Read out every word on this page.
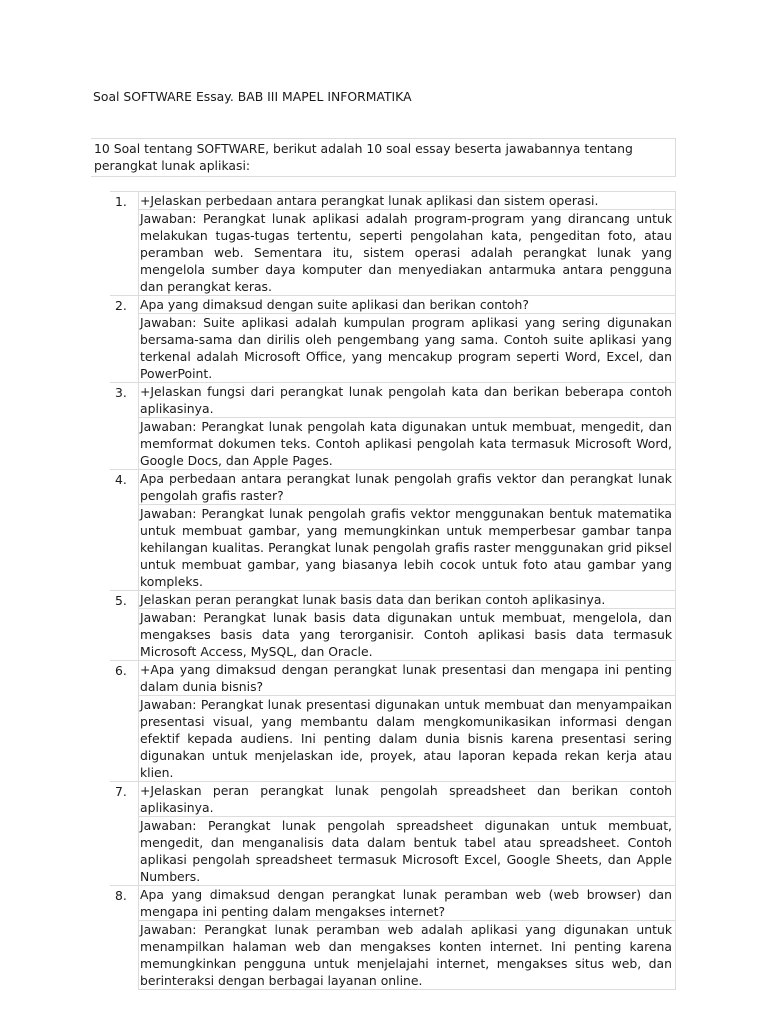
Soal SOFTWARE Essay. BAB III MAPEL INFORMATIKA
10 Soal tentang SOFTWARE, berikut adalah 10 soal essay beserta jawabannya tentang perangkat lunak aplikasi:
1. +Jelaskan perbedaan antara perangkat lunak aplikasi dan sistem operasi.
Jawaban: Perangkat lunak aplikasi adalah program-program yang dirancang untuk melakukan tugas-tugas tertentu, seperti pengolahan kata, pengeditan foto, atau peramban web. Sementara itu, sistem operasi adalah perangkat lunak yang mengelola sumber daya komputer dan menyediakan antarmuka antara pengguna dan perangkat keras.
2. Apa yang dimaksud dengan suite aplikasi dan berikan contoh?
Jawaban: Suite aplikasi adalah kumpulan program aplikasi yang sering digunakan bersama-sama dan dirilis oleh pengembang yang sama. Contoh suite aplikasi yang terkenal adalah Microsoft Office, yang mencakup program seperti Word, Excel, dan PowerPoint.
3. +Jelaskan fungsi dari perangkat lunak pengolah kata dan berikan beberapa contoh aplikasinya.
Jawaban: Perangkat lunak pengolah kata digunakan untuk membuat, mengedit, dan memformat dokumen teks. Contoh aplikasi pengolah kata termasuk Microsoft Word, Google Docs, dan Apple Pages.
4. Apa perbedaan antara perangkat lunak pengolah grafis vektor dan perangkat lunak pengolah grafis raster?
Jawaban: Perangkat lunak pengolah grafis vektor menggunakan bentuk matematika untuk membuat gambar, yang memungkinkan untuk memperbesar gambar tanpa kehilangan kualitas. Perangkat lunak pengolah grafis raster menggunakan grid piksel untuk membuat gambar, yang biasanya lebih cocok untuk foto atau gambar yang kompleks.
5. Jelaskan peran perangkat lunak basis data dan berikan contoh aplikasinya.
Jawaban: Perangkat lunak basis data digunakan untuk membuat, mengelola, dan mengakses basis data yang terorganisir. Contoh aplikasi basis data termasuk Microsoft Access, MySQL, dan Oracle.
6. +Apa yang dimaksud dengan perangkat lunak presentasi dan mengapa ini penting dalam dunia bisnis?
Jawaban: Perangkat lunak presentasi digunakan untuk membuat dan menyampaikan presentasi visual, yang membantu dalam mengkomunikasikan informasi dengan efektif kepada audiens. Ini penting dalam dunia bisnis karena presentasi sering digunakan untuk menjelaskan ide, proyek, atau laporan kepada rekan kerja atau klien.
7. +Jelaskan peran perangkat lunak pengolah spreadsheet dan berikan contoh aplikasinya.
Jawaban: Perangkat lunak pengolah spreadsheet digunakan untuk membuat, mengedit, dan menganalisis data dalam bentuk tabel atau spreadsheet. Contoh aplikasi pengolah spreadsheet termasuk Microsoft Excel, Google Sheets, dan Apple Numbers.
8. Apa yang dimaksud dengan perangkat lunak peramban web (web browser) dan mengapa ini penting dalam mengakses internet?
Jawaban: Perangkat lunak peramban web adalah aplikasi yang digunakan untuk menampilkan halaman web dan mengakses konten internet. Ini penting karena memungkinkan pengguna untuk menjelajahi internet, mengakses situs web, dan berinteraksi dengan berbagai layanan online.
